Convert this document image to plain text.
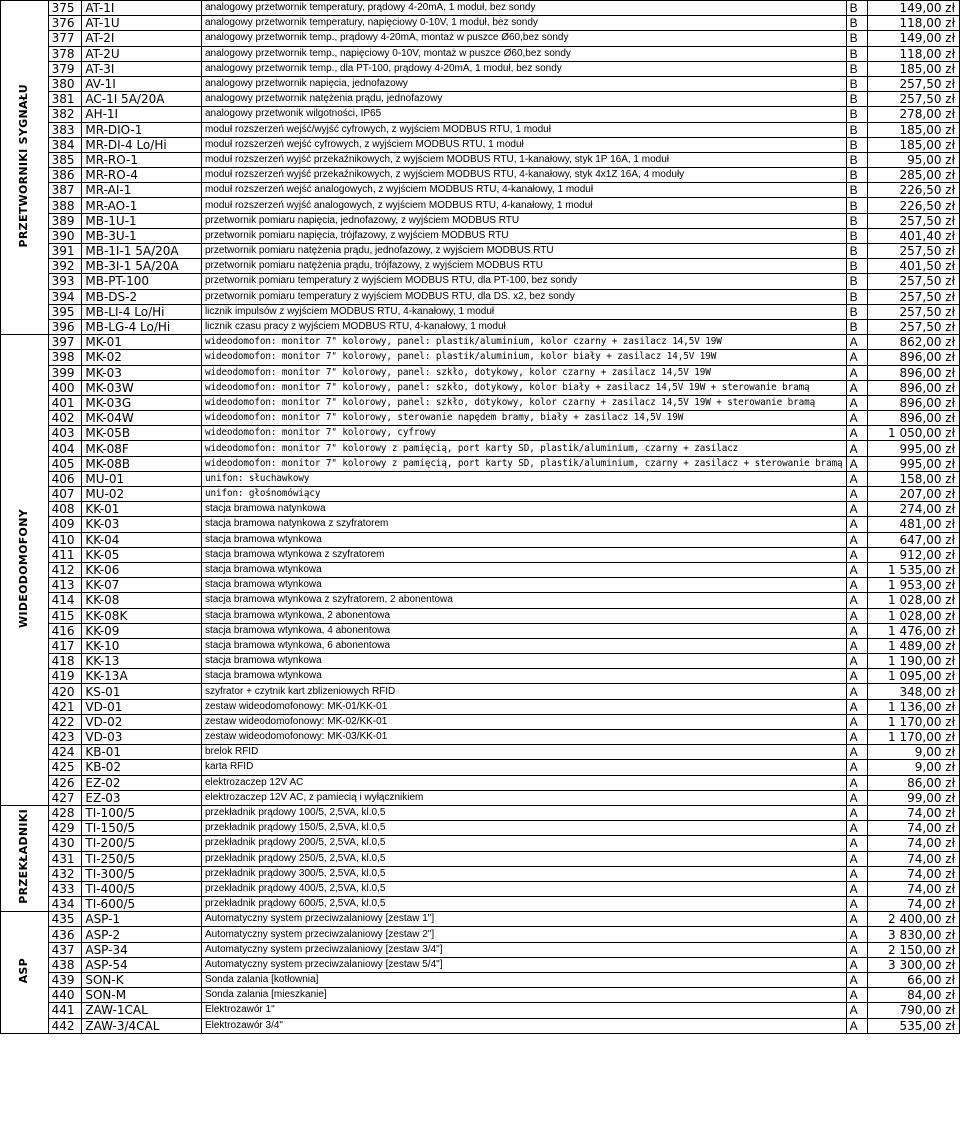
PRZETWORNIKI SYGNAŁU	375	AT-1I	analogowy przetwornik temperatury, prądowy 4-20mA, 1 moduł, bez sondy	B	149,00 zł
	376	AT-1U	analogowy przetwornik temperatury, napięciowy 0-10V, 1 moduł, bez sondy	B	118,00 zł
	377	AT-2I	analogowy przetwornik temp., prądowy 4-20mA, montaż w puszce Ø60,bez sondy	B	149,00 zł
	378	AT-2U	analogowy przetwornik temp., napięciowy 0-10V, montaż w puszce Ø60,bez sondy	B	118,00 zł
	379	AT-3I	analogowy przetwornik temp., dla PT-100, prądowy 4-20mA, 1 moduł, bez sondy	B	185,00 zł
	380	AV-1I	analogowy przetwornik napięcia, jednofazowy	B	257,50 zł
	381	AC-1I 5A/20A	analogowy przetwornik natężenia prądu, jednofazowy	B	257,50 zł
	382	AH-1I	analogowy przetwonik wilgotności, IP65	B	278,00 zł
	383	MR-DIO-1	moduł rozszerzeń wejść/wyjść cyfrowych, z wyjściem MODBUS RTU, 1 moduł	B	185,00 zł
	384	MR-DI-4 Lo/Hi	moduł rozszerzeń wejść cyfrowych, z wyjściem MODBUS RTU, 1 moduł	B	185,00 zł
	385	MR-RO-1	moduł rozszerzeń wyjść przekaźnikowych, z wyjściem MODBUS RTU, 1-kanałowy, styk 1P 16A, 1 moduł	B	95,00 zł
	386	MR-RO-4	moduł rozszerzeń wyjść przekaźnikowych, z wyjściem MODBUS RTU, 4-kanałowy, styk 4x1Z 16A, 4 moduły	B	285,00 zł
	387	MR-AI-1	moduł rozszerzeń wejść analogowych, z wyjściem MODBUS RTU, 4-kanałowy, 1 moduł	B	226,50 zł
	388	MR-AO-1	moduł rozszerzeń wyjść analogowych, z wyjściem MODBUS RTU, 4-kanałowy, 1 moduł	B	226,50 zł
	389	MB-1U-1	przetwornik pomiaru napięcia, jednofazowy, z wyjściem MODBUS RTU	B	257,50 zł
	390	MB-3U-1	przetwornik pomiaru napięcia, trójfazowy, z wyjściem MODBUS RTU	B	401,40 zł
	391	MB-1I-1 5A/20A	przetwornik pomiaru natężenia prądu, jednofazowy, z wyjściem MODBUS RTU	B	257,50 zł
	392	MB-3I-1 5A/20A	przetwornik pomiaru natężenia prądu, trójfazowy, z wyjściem MODBUS RTU	B	401,50 zł
	393	MB-PT-100	przetwornik pomiaru temperatury z wyjściem MODBUS RTU, dla PT-100, bez sondy	B	257,50 zł
	394	MB-DS-2	przetwornik pomiaru temperatury z wyjściem MODBUS RTU, dla DS. x2, bez sondy	B	257,50 zł
	395	MB-LI-4 Lo/Hi	licznik impulsów z wyjściem MODBUS RTU, 4-kanałowy, 1 moduł	B	257,50 zł
	396	MB-LG-4 Lo/Hi	licznik czasu pracy z wyjściem MODBUS RTU, 4-kanałowy, 1 moduł	B	257,50 zł
WIDEODOMOFONY	397	MK-01	wideodomofon: monitor 7" kolorowy, panel: plastik/aluminium, kolor czarny + zasilacz 14,5V 19W	A	862,00 zł
	398	MK-02	wideodomofon: monitor 7" kolorowy, panel: plastik/aluminium, kolor biały + zasilacz 14,5V 19W	A	896,00 zł
	399	MK-03	wideodomofon: monitor 7" kolorowy, panel: szkło, dotykowy, kolor czarny + zasilacz 14,5V 19W	A	896,00 zł
	400	MK-03W	wideodomofon: monitor 7" kolorowy, panel: szkło, dotykowy, kolor biały + zasilacz 14,5V 19W + sterowanie bramą	A	896,00 zł
	401	MK-03G	wideodomofon: monitor 7" kolorowy, panel: szkło, dotykowy, kolor czarny + zasilacz 14,5V 19W + sterowanie bramą	A	896,00 zł
	402	MK-04W	wideodomofon: monitor 7" kolorowy, sterowanie napędem bramy, biały + zasilacz 14,5V 19W	A	896,00 zł
	403	MK-05B	wideodomofon: monitor 7" kolorowy, cyfrowy	A	1 050,00 zł
	404	MK-08F	wideodomofon: monitor 7" kolorowy z pamięcią, port karty SD, plastik/aluminium, czarny + zasilacz	A	995,00 zł
	405	MK-08B	wideodomofon: monitor 7" kolorowy z pamięcią, port karty SD, plastik/aluminium, czarny + zasilacz + sterowanie bramą	A	995,00 zł
	406	MU-01	unifon: słuchawkowy	A	158,00 zł
	407	MU-02	unifon: głośnomówiący	A	207,00 zł
	408	KK-01	stacja bramowa natynkowa	A	274,00 zł
	409	KK-03	stacja bramowa natynkowa z szyfratorem	A	481,00 zł
	410	KK-04	stacja bramowa wtynkowa	A	647,00 zł
	411	KK-05	stacja bramowa wtynkowa z szyfratorem	A	912,00 zł
	412	KK-06	stacja bramowa wtynkowa	A	1 535,00 zł
	413	KK-07	stacja bramowa wtynkowa	A	1 953,00 zł
	414	KK-08	stacja bramowa wtynkowa z szyfratorem, 2 abonentowa	A	1 028,00 zł
	415	KK-08K	stacja bramowa wtynkowa, 2 abonentowa	A	1 028,00 zł
	416	KK-09	stacja bramowa wtynkowa, 4 abonentowa	A	1 476,00 zł
	417	KK-10	stacja bramowa wtynkowa, 6 abonentowa	A	1 489,00 zł
	418	KK-13	stacja bramowa wtynkowa	A	1 190,00 zł
	419	KK-13A	stacja bramowa wtynkowa	A	1 095,00 zł
	420	KS-01	szyfrator + czytnik kart zblizeniowych RFID	A	348,00 zł
	421	VD-01	zestaw wideodomofonowy: MK-01/KK-01	A	1 136,00 zł
	422	VD-02	zestaw wideodomofonowy: MK-02/KK-01	A	1 170,00 zł
	423	VD-03	zestaw wideodomofonowy: MK-03/KK-01	A	1 170,00 zł
	424	KB-01	brelok RFID	A	9,00 zł
	425	KB-02	karta RFID	A	9,00 zł
	426	EZ-02	elektrozaczep 12V AC	A	86,00 zł
	427	EZ-03	elektrozaczep 12V AC, z pamiecią i wyłącznikiem	A	99,00 zł
PRZEKŁADNIKI	428	TI-100/5	przekładnik prądowy 100/5, 2,5VA, kl.0,5	A	74,00 zł
	429	TI-150/5	przekładnik prądowy 150/5, 2,5VA, kl.0,5	A	74,00 zł
	430	TI-200/5	przekładnik prądowy 200/5, 2,5VA, kl.0,5	A	74,00 zł
	431	TI-250/5	przekładnik prądowy 250/5, 2,5VA, kl.0,5	A	74,00 zł
	432	TI-300/5	przekładnik prądowy 300/5, 2,5VA, kl.0,5	A	74,00 zł
	433	TI-400/5	przekładnik prądowy 400/5, 2,5VA, kl.0,5	A	74,00 zł
	434	TI-600/5	przekładnik prądowy 600/5, 2,5VA, kl.0,5	A	74,00 zł
ASP	435	ASP-1	Automatyczny system przeciwzalaniowy [zestaw 1"]	A	2 400,00 zł
	436	ASP-2	Automatyczny system przeciwzalaniowy [zestaw 2"]	A	3 830,00 zł
	437	ASP-34	Automatyczny system przeciwzalaniowy [zestaw 3/4"]	A	2 150,00 zł
	438	ASP-54	Automatyczny system przeciwzalaniowy [zestaw 5/4"]	A	3 300,00 zł
	439	SON-K	Sonda zalania [kotłownia]	A	66,00 zł
	440	SON-M	Sonda zalania [mieszkanie]	A	84,00 zł
	441	ZAW-1CAL	Elektrozawór 1"	A	790,00 zł
	442	ZAW-3/4CAL	Elektrozawór 3/4"	A	535,00 zł
